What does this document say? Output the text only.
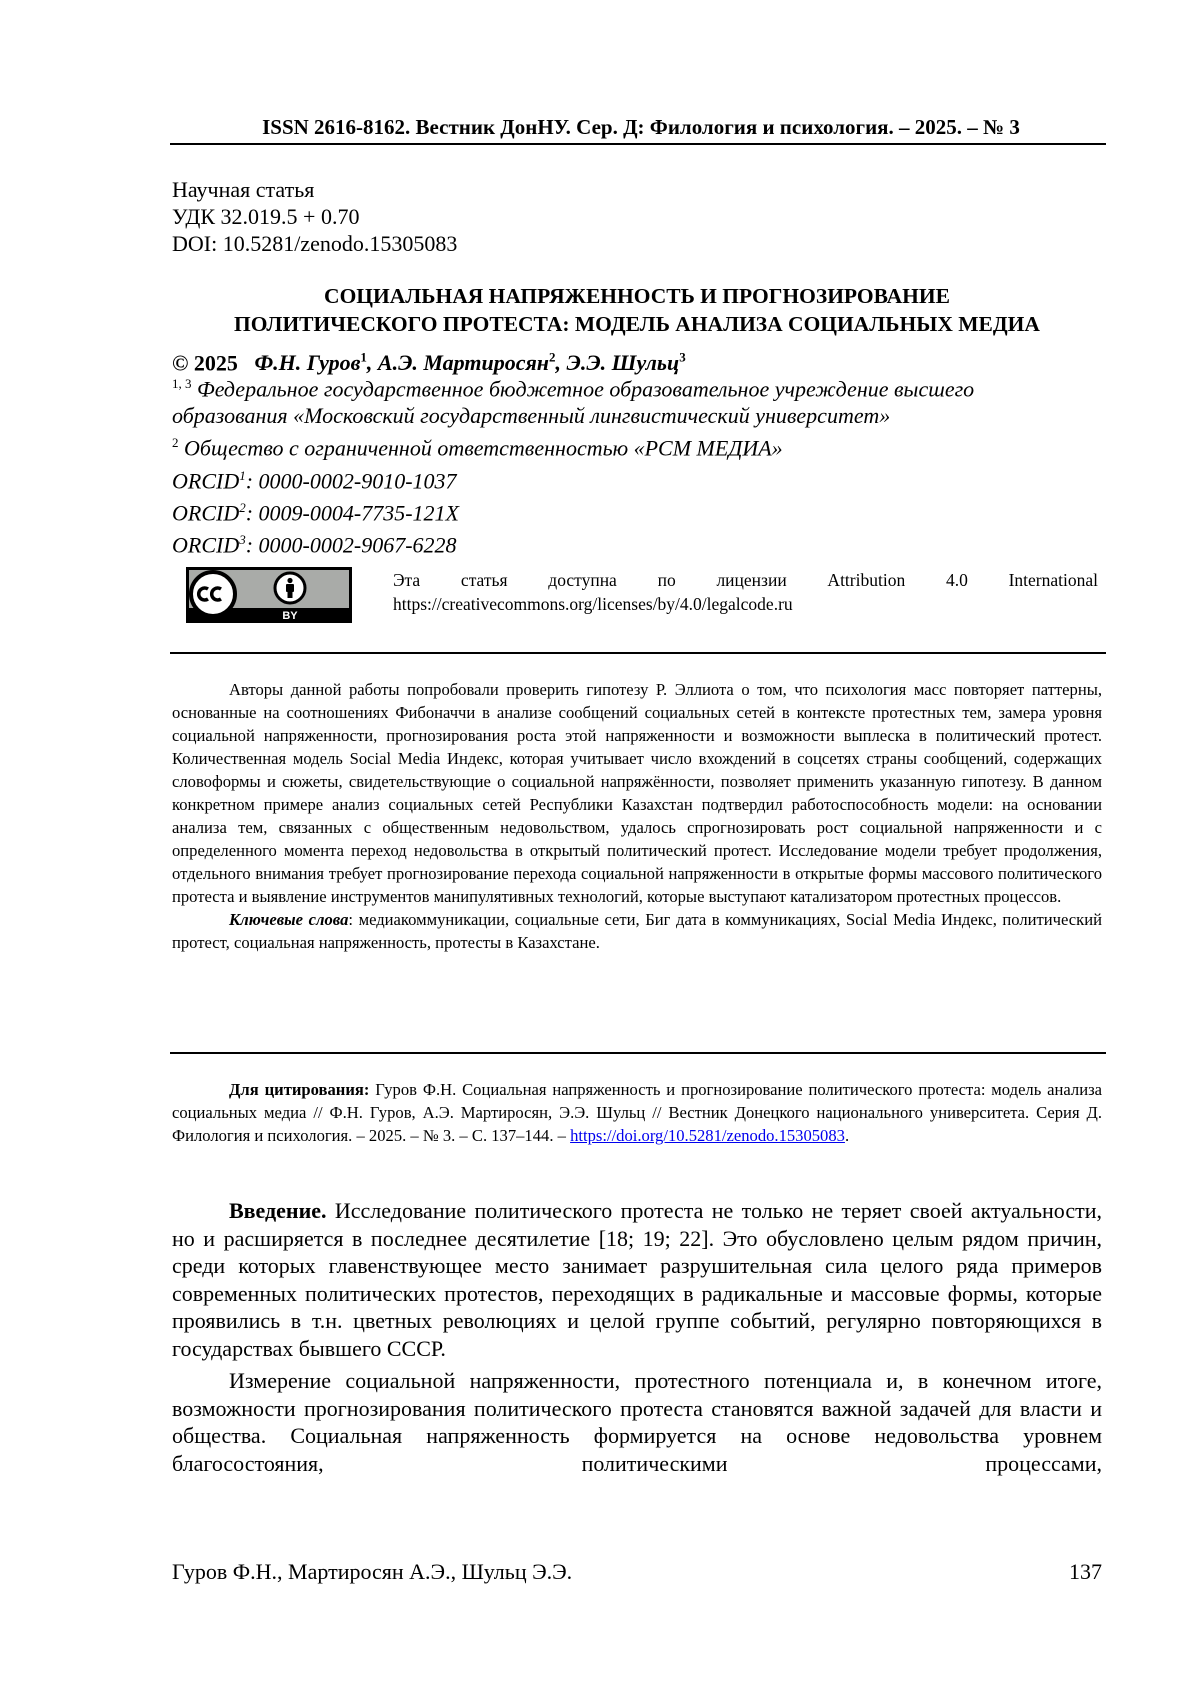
ISSN 2616-8162. Вестник ДонНУ. Сер. Д: Филология и психология. – 2025. – № 3
Научная статья
УДК 32.019.5 + 0.70
DOI: 10.5281/zenodo.15305083
СОЦИАЛЬНАЯ НАПРЯЖЕННОСТЬ И ПРОГНОЗИРОВАНИЕ
ПОЛИТИЧЕСКОГО ПРОТЕСТА: МОДЕЛЬ АНАЛИЗА СОЦИАЛЬНЫХ МЕДИА
© 2025 Ф.Н. Гуров$^1$, А.Э. Мартиросян$^2$, Э.Э. Шульц$^3$
$^{1, 3}$ Федеральное государственное бюджетное образовательное учреждение высшего
образования «Московский государственный лингвистический университет»
$^2$ Общество с ограниченной ответственностью «РСМ МЕДИА»
ORCID$^1$: 0000-0002-9010-1037
ORCID$^2$: 0009-0004-7735-121X
ORCID$^3$: 0000-0002-9067-6228
BY
Эта статья доступна по лицензии Attribution 4.0 International
https://creativecommons.org/licenses/by/4.0/legalcode.ru

Авторы данной работы попробовали проверить гипотезу Р. Эллиота о том, что психология масс повторяет паттерны, основанные на соотношениях Фибоначчи в анализе сообщений социальных сетей в контексте протестных тем, замера уровня социальной напряженности, прогнозирования роста этой напряженности и возможности выплеска в политический протест. Количественная модель Social Media Индекс, которая учитывает число вхождений в соцсетях страны сообщений, содержащих словоформы и сюжеты, свидетельствующие о социальной напряжённости, позволяет применить указанную гипотезу. В данном конкретном примере анализ социальных сетей Республики Казахстан подтвердил работоспособность модели: на основании анализа тем, связанных с общественным недовольством, удалось спрогнозировать рост социальной напряженности и с определенного момента переход недовольства в открытый политический протест. Исследование модели требует продолжения, отдельного внимания требует прогнозирование перехода социальной напряженности в открытые формы массового политического протеста и выявление инструментов манипулятивных технологий, которые выступают катализатором протестных процессов.

Ключевые слова: медиакоммуникации, социальные сети, Биг дата в коммуникациях, Social Media Индекс, политический протест, социальная напряженность, протесты в Казахстане.

Для цитирования: Гуров Ф.Н. Социальная напряженность и прогнозирование политического протеста: модель анализа социальных медиа // Ф.Н. Гуров, А.Э. Мартиросян, Э.Э. Шульц // Вестник Донецкого национального университета. Серия Д. Филология и психология. – 2025. – № 3. – С. 137–144. – https://doi.org/10.5281/zenodo.15305083.

Введение. Исследование политического протеста не только не теряет своей актуальности, но и расширяется в последнее десятилетие [18; 19; 22]. Это обусловлено целым рядом причин, среди которых главенствующее место занимает разрушительная сила целого ряда примеров современных политических протестов, переходящих в радикальные и массовые формы, которые проявились в т.н. цветных революциях и целой группе событий, регулярно повторяющихся в государствах бывшего СССР.

Измерение социальной напряженности, протестного потенциала и, в конечном итоге, возможности прогнозирования политического протеста становятся важной задачей для власти и общества. Социальная напряженность формируется на основе недовольства уровнем благосостояния, политическими процессами,

Гуров Ф.Н., Мартиросян А.Э., Шульц Э.Э.	137
